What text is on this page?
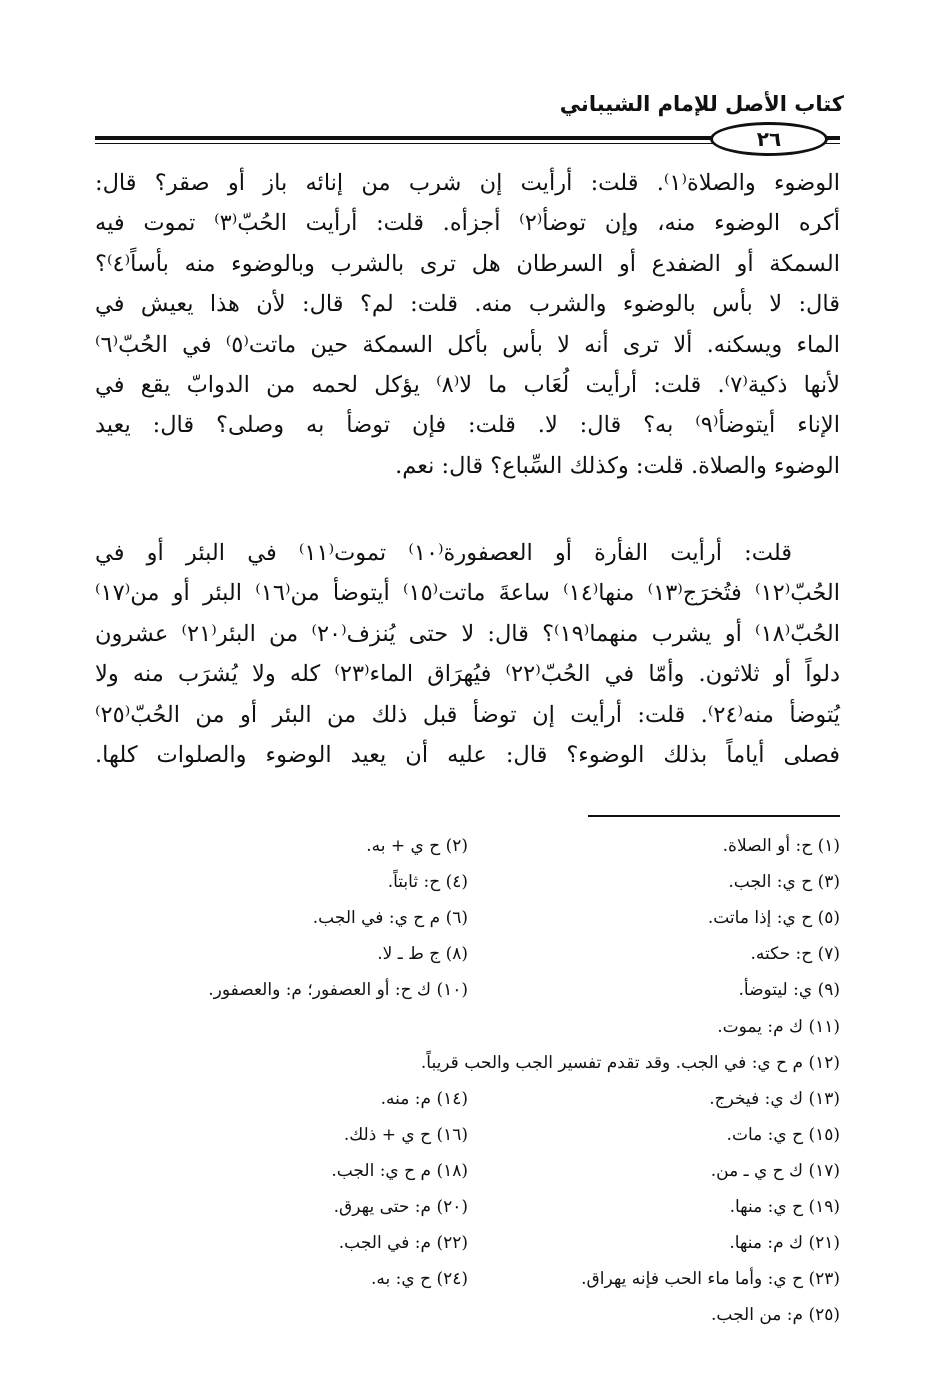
كتاب الأصل للإمام الشيباني
٢٦
الوضوء والصلاة⁽١⁾. قلت: أرأيت إن شرب من إنائه باز أو صقر؟ قال:
أكره الوضوء منه، وإن توضأ⁽٢⁾ أجزأه. قلت: أرأيت الحُبّ⁽٣⁾ تموت فيه
السمكة أو الضفدع أو السرطان هل ترى بالشرب وبالوضوء منه بأساً⁽٤⁾؟
قال: لا بأس بالوضوء والشرب منه. قلت: لم؟ قال: لأن هذا يعيش في
الماء ويسكنه. ألا ترى أنه لا بأس بأكل السمكة حين ماتت⁽٥⁾ في الحُبّ⁽٦⁾
لأنها ذكية⁽٧⁾. قلت: أرأيت لُعَاب ما لا⁽٨⁾ يؤكل لحمه من الدوابّ يقع في
الإناء أيتوضأ⁽٩⁾ به؟ قال: لا. قلت: فإن توضأ به وصلى؟ قال: يعيد
الوضوء والصلاة. قلت: وكذلك السِّباع؟ قال: نعم.
قلت: أرأيت الفأرة أو العصفورة⁽١٠⁾ تموت⁽١١⁾ في البئر أو في
الحُبّ⁽١٢⁾ فتُخرَج⁽١٣⁾ منها⁽١٤⁾ ساعةَ ماتت⁽١٥⁾ أيتوضأ من⁽١٦⁾ البئر أو من⁽١٧⁾
الحُبّ⁽١٨⁾ أو يشرب منهما⁽١٩⁾؟ قال: لا حتى يُنزف⁽٢٠⁾ من البئر⁽٢١⁾ عشرون
دلواً أو ثلاثون. وأمّا في الحُبّ⁽٢٢⁾ فيُهرَاق الماء⁽٢٣⁾ كله ولا يُشرَب منه ولا
يُتوضأ منه⁽٢٤⁾. قلت: أرأيت إن توضأ قبل ذلك من البئر أو من الحُبّ⁽٢٥⁾
فصلى أياماً بذلك الوضوء؟ قال: عليه أن يعيد الوضوء والصلوات كلها.
(١) ح: أو الصلاة.
(٢) ح ي + به.
(٣) ح ي: الجب.
(٤) ح: ثابتاً.
(٥) ح ي: إذا ماتت.
(٦) م ح ي: في الجب.
(٧) ح: حكته.
(٨) ج ط ـ لا.
(٩) ي: ليتوضأ.
(١٠) ك ح: أو العصفور؛ م: والعصفور.
(١١) ك م: يموت.
(١٢) م ح ي: في الجب. وقد تقدم تفسير الجب والحب قريباً.
(١٣) ك ي: فيخرج.
(١٤) م: منه.
(١٥) ح ي: مات.
(١٦) ح ي + ذلك.
(١٧) ك ح ي ـ من.
(١٨) م ح ي: الجب.
(١٩) ح ي: منها.
(٢٠) م: حتى يهرق.
(٢١) ك م: منها.
(٢٢) م: في الجب.
(٢٣) ح ي: وأما ماء الحب فإنه يهراق.
(٢٤) ح ي: به.
(٢٥) م: من الجب.
